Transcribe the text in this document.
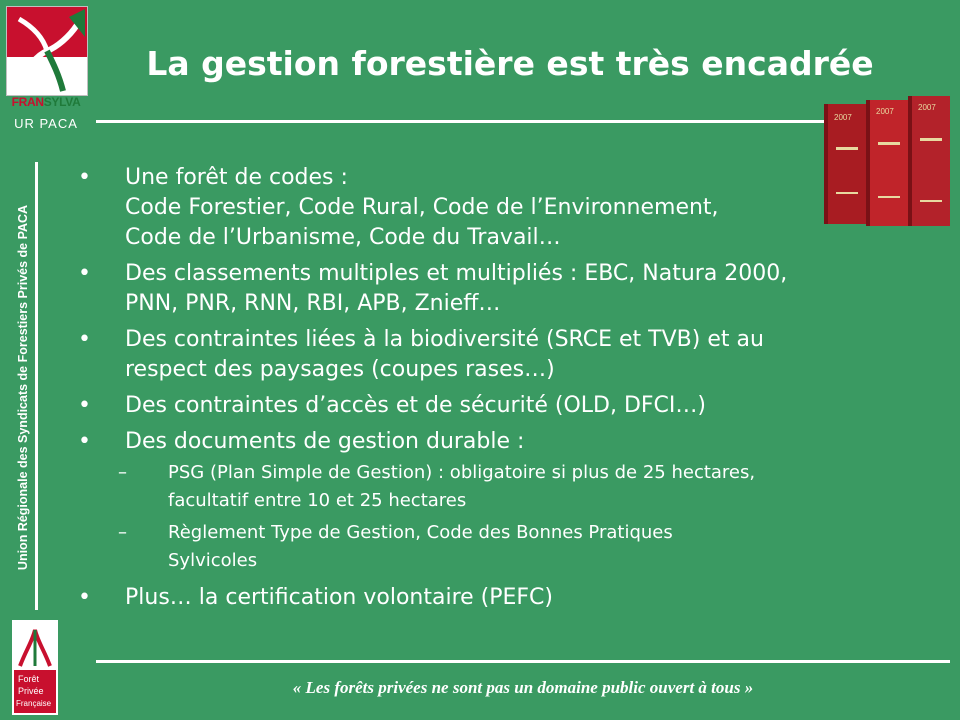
FRANSYLVA
UR PACA
La gestion forestière est très encadrée
2007
2007	2007
Union Régionale des Syndicats de Forestiers Privés de PACA
Forêt
Privée
Française
• Une forêt de codes :
Code Forestier, Code Rural, Code de l’Environnement,
Code de l’Urbanisme, Code du Travail…
• Des classements multiples et multipliés : EBC, Natura 2000,
PNN, PNR, RNN, RBI, APB, Znieff…
• Des contraintes liées à la biodiversité (SRCE et TVB) et au
respect des paysages (coupes rases…)
• Des contraintes d’accès et de sécurité (OLD, DFCI…)
• Des documents de gestion durable :
– PSG (Plan Simple de Gestion) : obligatoire si plus de 25 hectares,
facultatif entre 10 et 25 hectares
– Règlement Type de Gestion, Code des Bonnes Pratiques
Sylvicoles
• Plus… la certification volontaire (PEFC)
« Les forêts privées ne sont pas un domaine public ouvert à tous »
